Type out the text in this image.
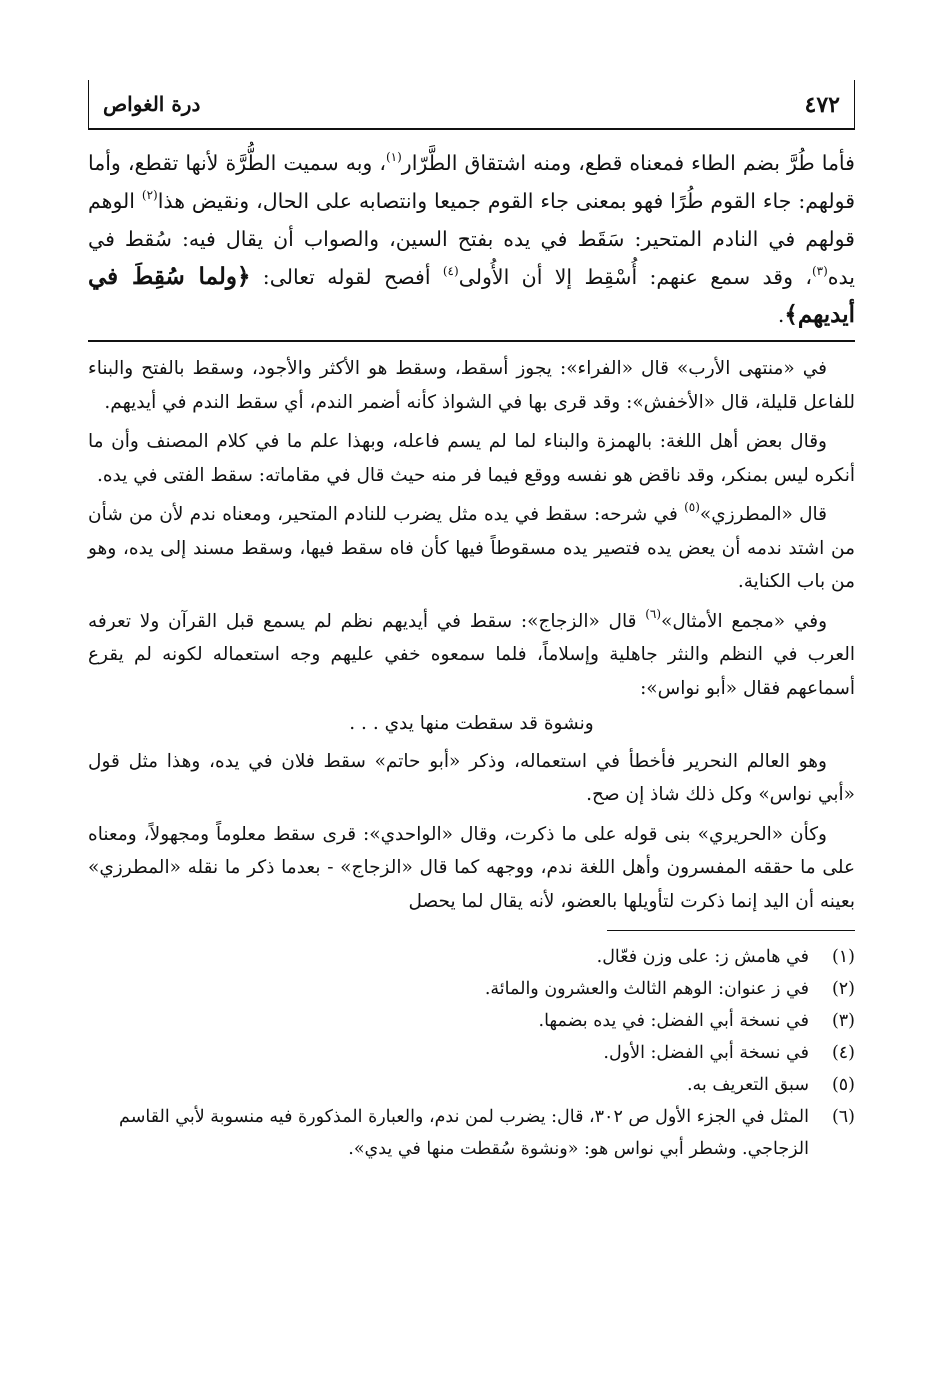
٤٧٢
درة الغواص

فأما طُرَّ بضم الطاء فمعناه قطع، ومنه اشتقاق الطَّرّار$^{(١)}$، وبه سميت الطُّرَّة لأنها تقطع، وأما قولهم: جاء القوم طُرًا فهو بمعنى جاء القوم جميعا وانتصابه على الحال، ونقيض هذا$^{(٢)}$ الوهم قولهم في النادم المتحير: سَقَط في يده بفتح السين، والصواب أن يقال فيه: سُقط في يده$^{(٣)}$، وقد سمع عنهم: أُسْقِط إلا أن الأُولى$^{(٤)}$ أفصح لقوله تعالى: ﴿ولما سُقِطَ في أيديهم﴾.

في «منتهى الأرب» قال «الفراء»: يجوز أسقط، وسقط هو الأكثر والأجود، وسقط بالفتح والبناء للفاعل قليلة، قال «الأخفش»: وقد قرى بها في الشواذ كأنه أضمر الندم، أي سقط الندم في أيديهم.

وقال بعض أهل اللغة: بالهمزة والبناء لما لم يسم فاعله، وبهذا علم ما في كلام المصنف وأن ما أنكره ليس بمنكر، وقد ناقض هو نفسه ووقع فيما فر منه حيث قال في مقاماته: سقط الفتى في يده.

قال «المطرزي»$^{(٥)}$ في شرحه: سقط في يده مثل يضرب للنادم المتحير، ومعناه ندم لأن من شأن من اشتد ندمه أن يعض يده فتصير يده مسقوطاً فيها كأن فاه سقط فيها، وسقط مسند إلى يده، وهو من باب الكناية.

وفي «مجمع الأمثال»$^{(٦)}$ قال «الزجاج»: سقط في أيديهم نظم لم يسمع قبل القرآن ولا تعرفه العرب في النظم والنثر جاهلية وإسلاماً، فلما سمعوه خفي عليهم وجه استعماله لكونه لم يقرع أسماعهم فقال «أبو نواس»:

ونشوة قد سقطت منها يدي . . .

وهو العالم النحرير فأخطأ في استعماله، وذكر «أبو حاتم» سقط فلان في يده، وهذا مثل قول «أبي نواس» وكل ذلك شاذ إن صح.

وكأن «الحريري» بنى قوله على ما ذكرت، وقال «الواحدي»: قرى سقط معلوماً ومجهولاً، ومعناه على ما حققه المفسرون وأهل اللغة ندم، ووجهه كما قال «الزجاج» - بعدما ذكر ما نقله «المطرزي» بعينه أن اليد إنما ذكرت لتأويلها بالعضو، لأنه يقال لما يحصل

(١)
في هامش ز: على وزن فعّال.
(٢)
في ز عنوان: الوهم الثالث والعشرون والمائة.
(٣)
في نسخة أبي الفضل: في يده بضمها.
(٤)
في نسخة أبي الفضل: الأول.
(٥)
سبق التعريف به.
(٦)
المثل في الجزء الأول ص ٣٠٢، قال: يضرب لمن ندم، والعبارة المذكورة فيه منسوبة لأبي القاسم الزجاجي. وشطر أبي نواس هو: «ونشوة سُقطت منها في يدي».
